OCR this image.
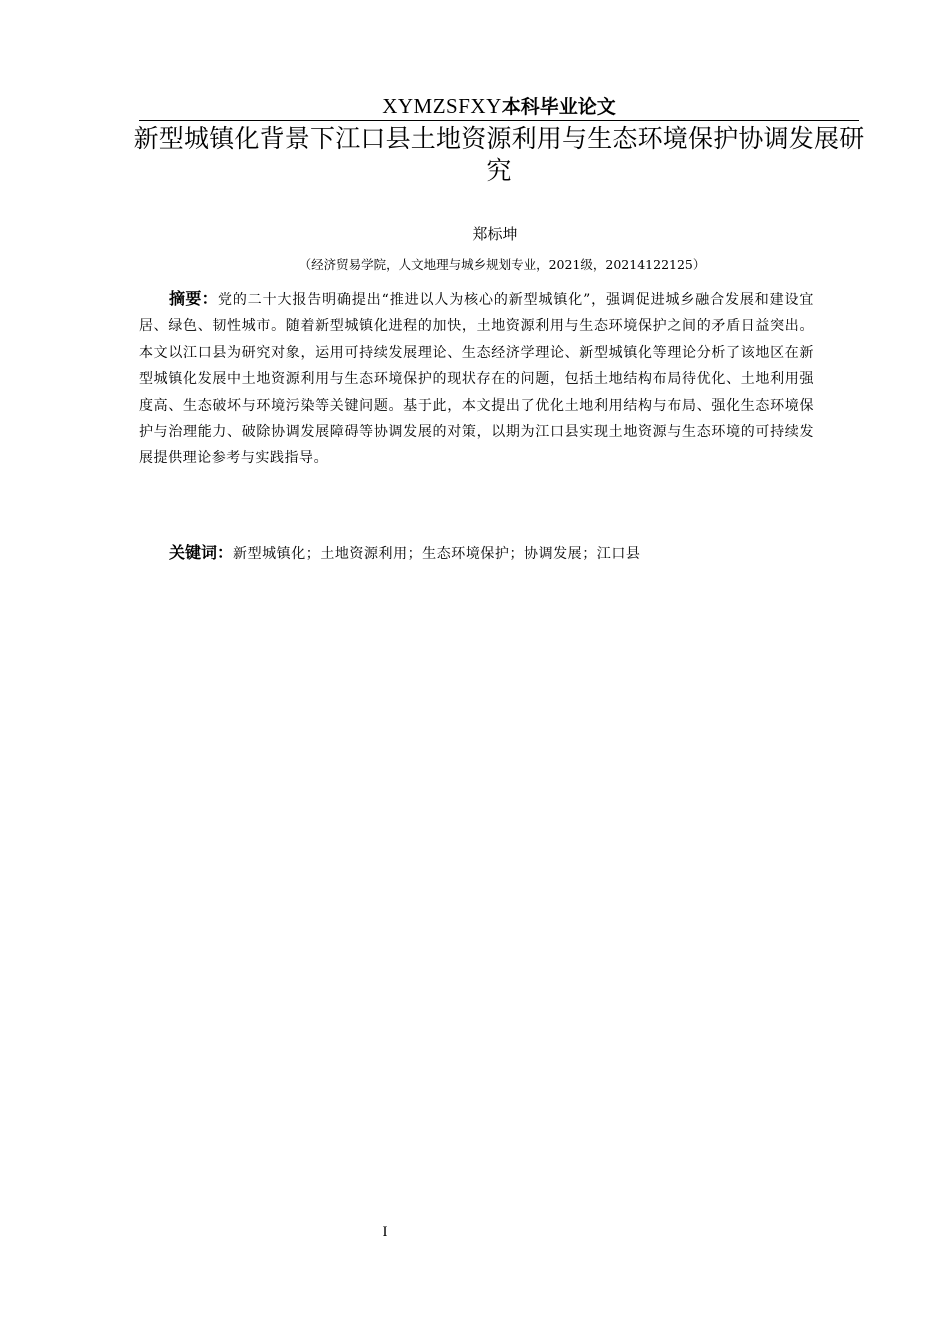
XYMZSFXY本科毕业论文
新型城镇化背景下江口县土地资源利用与生态环境保护协调发展研究
郑标坤
（经济贸易学院，人文地理与城乡规划专业，2021级，20214122125）
摘要：党的二十大报告明确提出“推进以人为核心的新型城镇化”，强调促进城乡融合发展和建设宜居、绿色、韧性城市。随着新型城镇化进程的加快，土地资源利用与生态环境保护之间的矛盾日益突出。本文以江口县为研究对象，运用可持续发展理论、生态经济学理论、新型城镇化等理论分析了该地区在新型城镇化发展中土地资源利用与生态环境保护的现状存在的问题，包括土地结构布局待优化、土地利用强度高、生态破坏与环境污染等关键问题。基于此，本文提出了优化土地利用结构与布局、强化生态环境保护与治理能力、破除协调发展障碍等协调发展的对策，以期为江口县实现土地资源与生态环境的可持续发展提供理论参考与实践指导。
关键词：新型城镇化；土地资源利用；生态环境保护；协调发展；江口县
I
